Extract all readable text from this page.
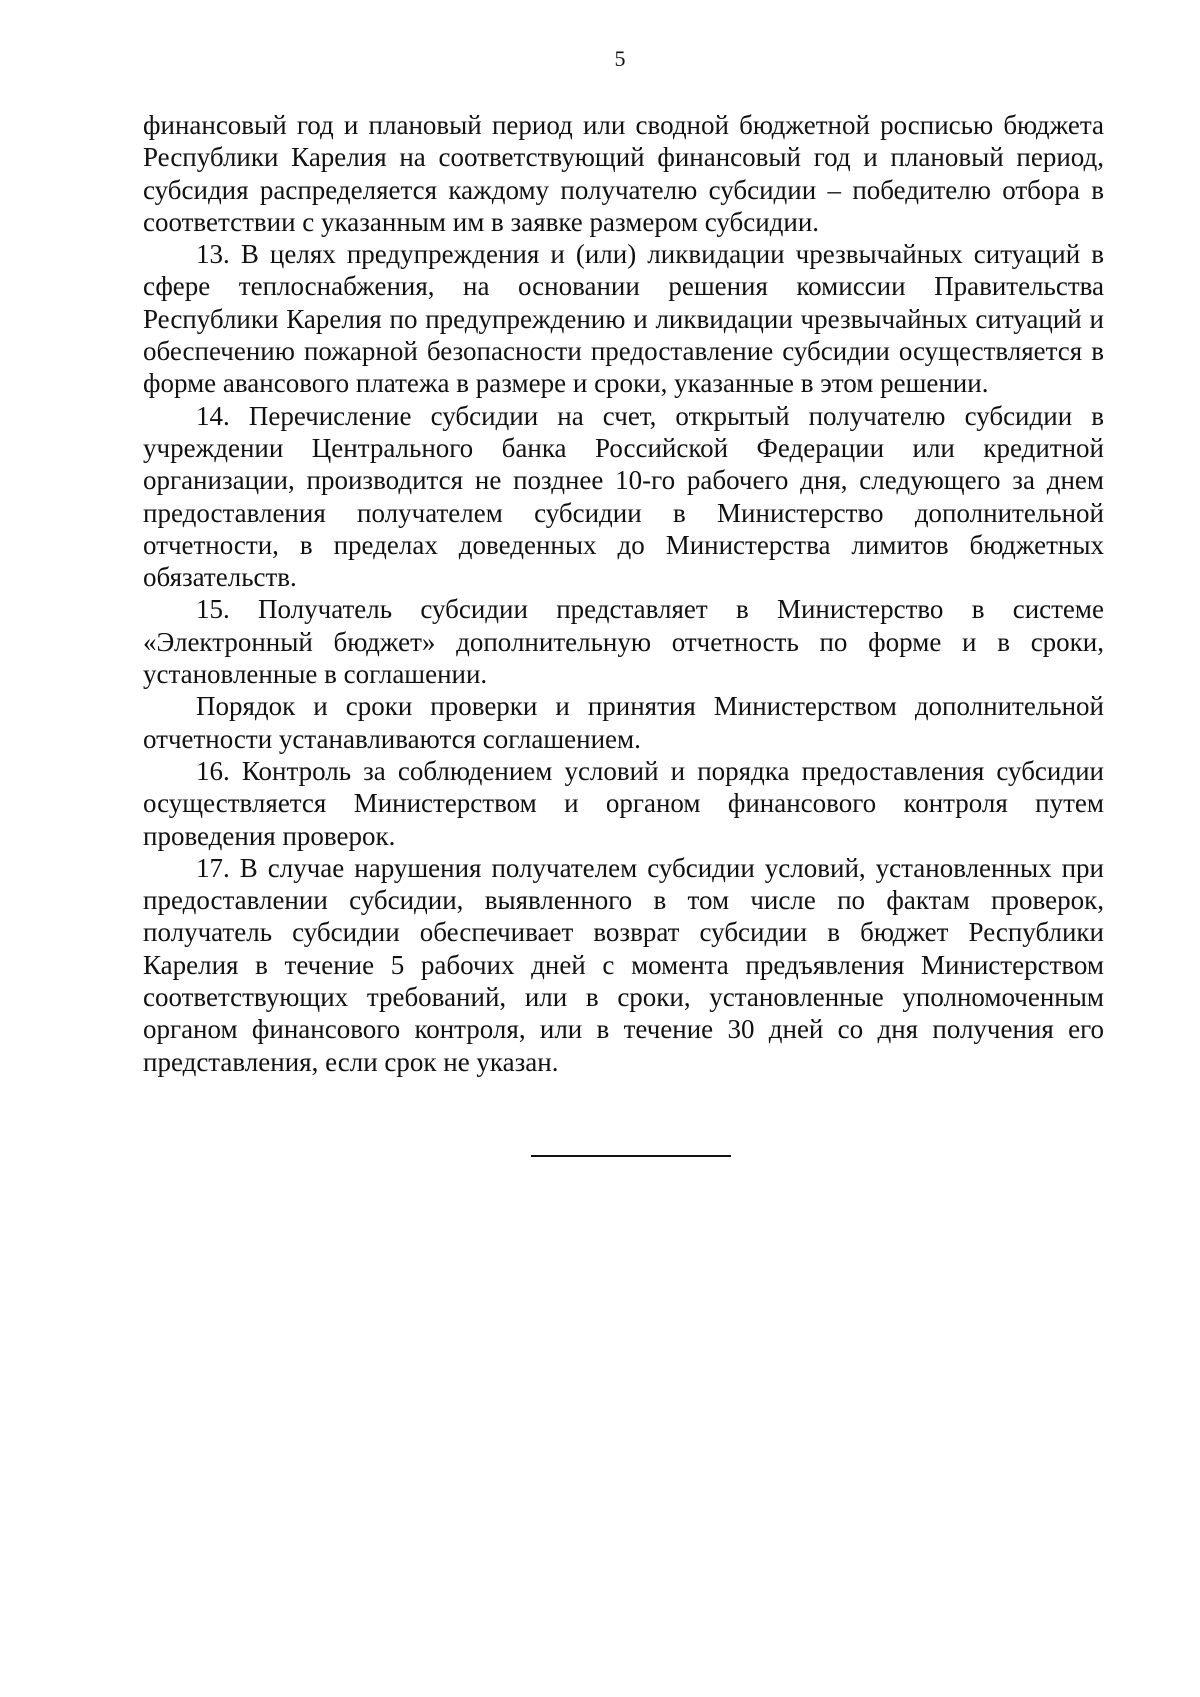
5

финансовый год и плановый период или сводной бюджетной росписью бюджета Республики Карелия на соответствующий финансовый год и плановый период, субсидия распределяется каждому получателю субсидии – победителю отбора в соответствии с указанным им в заявке размером субсидии.

13. В целях предупреждения и (или) ликвидации чрезвычайных ситуаций в сфере теплоснабжения, на основании решения комиссии Правительства Республики Карелия по предупреждению и ликвидации чрезвычайных ситуаций и обеспечению пожарной безопасности предоставление субсидии осуществляется в форме авансового платежа в размере и сроки, указанные в этом решении.

14. Перечисление субсидии на счет, открытый получателю субсидии в учреждении Центрального банка Российской Федерации или кредитной организации, производится не позднее 10-го рабочего дня, следующего за днем предоставления получателем субсидии в Министерство дополнительной отчетности, в пределах доведенных до Министерства лимитов бюджетных обязательств.

15. Получатель субсидии представляет в Министерство в системе «Электронный бюджет» дополнительную отчетность по форме и в сроки, установленные в соглашении.

Порядок и сроки проверки и принятия Министерством дополнительной отчетности устанавливаются соглашением.

16. Контроль за соблюдением условий и порядка предоставления субсидии осуществляется Министерством и органом финансового контроля путем проведения проверок.

17. В случае нарушения получателем субсидии условий, установленных при предоставлении субсидии, выявленного в том числе по фактам проверок, получатель субсидии обеспечивает возврат субсидии в бюджет Республики Карелия в течение 5 рабочих дней с момента предъявления Министерством соответствующих требований, или в сроки, установленные уполномоченным органом финансового контроля, или в течение 30 дней со дня получения его представления, если срок не указан.
